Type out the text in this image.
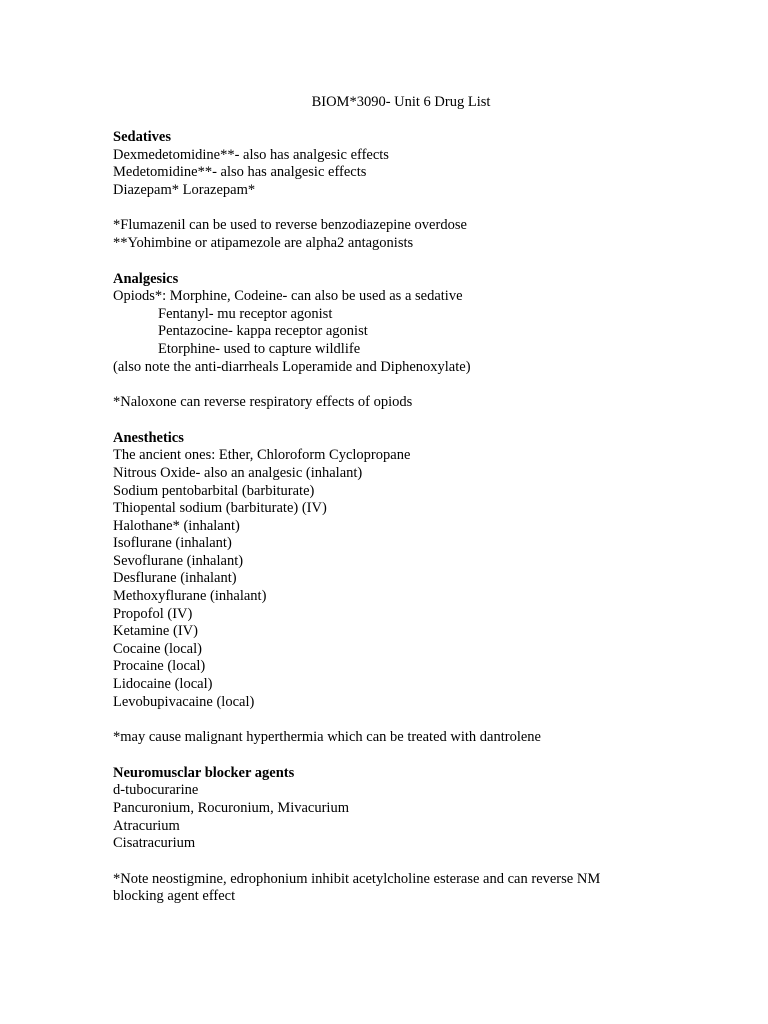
BIOM*3090- Unit 6 Drug List
Sedatives
Dexmedetomidine**- also has analgesic effects
Medetomidine**- also has analgesic effects
Diazepam* Lorazepam*
*Flumazenil can be used to reverse benzodiazepine overdose
**Yohimbine or atipamezole are alpha2 antagonists
Analgesics
Opiods*: Morphine, Codeine- can also be used as a sedative
Fentanyl- mu receptor agonist
Pentazocine- kappa receptor agonist
Etorphine- used to capture wildlife
(also note the anti-diarrheals Loperamide and Diphenoxylate)
*Naloxone can reverse respiratory effects of opiods
Anesthetics
The ancient ones: Ether, Chloroform Cyclopropane
Nitrous Oxide- also an analgesic (inhalant)
Sodium pentobarbital (barbiturate)
Thiopental sodium (barbiturate) (IV)
Halothane* (inhalant)
Isoflurane (inhalant)
Sevoflurane (inhalant)
Desflurane (inhalant)
Methoxyflurane (inhalant)
Propofol (IV)
Ketamine (IV)
Cocaine (local)
Procaine (local)
Lidocaine (local)
Levobupivacaine (local)
*may cause malignant hyperthermia which can be treated with dantrolene
Neuromusclar blocker agents
d-tubocurarine
Pancuronium, Rocuronium, Mivacurium
Atracurium
Cisatracurium
*Note neostigmine, edrophonium inhibit acetylcholine esterase and can reverse NM
blocking agent effect
